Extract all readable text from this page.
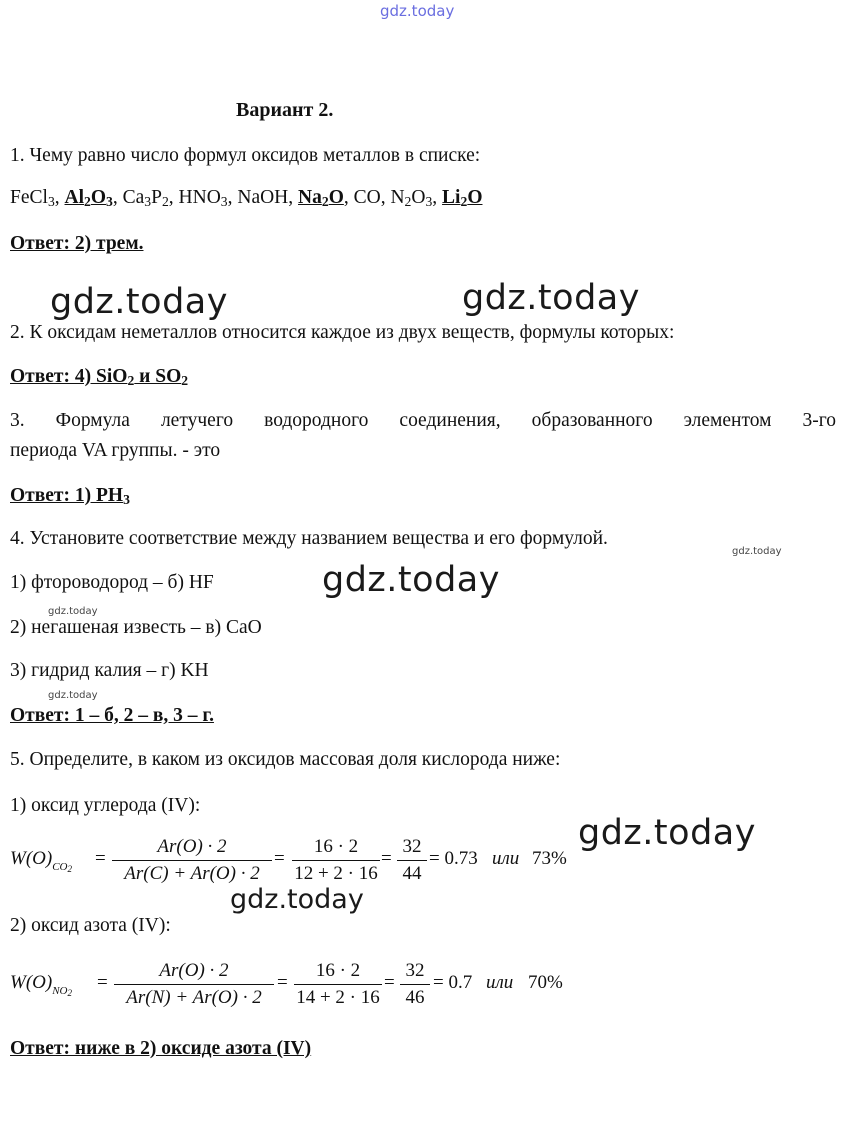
gdz.today
Вариант 2.
1. Чему равно число формул оксидов металлов в списке:
FeCl$_3$, $Al_2O_3$, $Ca_3P_2$, $HNO_3$, NaOH, $Na_2O$, CO, $N_2O_3$, $Li_2O$
Ответ: 2) трем.
gdz.today	gdz.today
2. К оксидам неметаллов относится каждое из двух веществ, формулы которых:
Ответ: 4) SiO$_2$ и $SO_2$
3. Формула летучего водородного соединения, образованного элементом 3-го
периода VA группы. - это
Ответ: 1) $PH_3$
4. Установите соответствие между названием вещества и его формулой.
gdz.today
1) фтороводород – б) HF	gdz.today
gdz.today
2) негашеная известь – в) CaO
3) гидрид калия – г) KH
gdz.today
Ответ: 1 – б, 2 – в, 3 – г.
5. Определите, в каком из оксидов массовая доля кислорода ниже:
1) оксид углерода (IV):
$W(O)_{CO2}$ =
Ar(O) · 2
Ar(C) + Ar(O) · 2
=
16 · 2
12 + 2 · 16
=
32
44
= 0.73 или 73%
gdz.today
gdz.today
2) оксид азота (IV):
$W(O)_{NO2}$ =
Ar(O) · 2
Ar(N) + Ar(O) · 2
=
16 · 2
14 + 2 · 16
=
32
46
= 0.7 или 70%
Ответ: ниже в 2) оксиде азота (IV)
